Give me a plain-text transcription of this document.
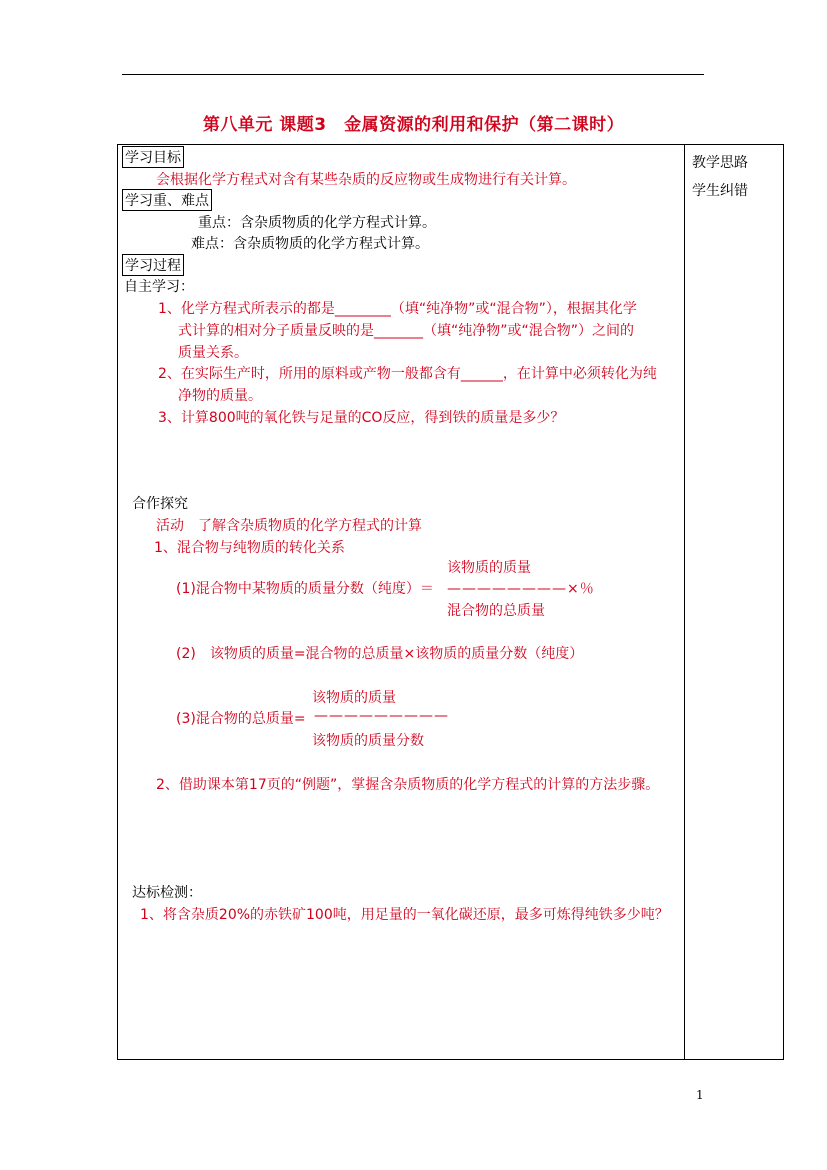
第八单元 课题3　金属资源的利用和保护（第二课时）
教学思路
学生纠错
学习目标
会根据化学方程式对含有某些杂质的反应物或生成物进行有关计算。
学习重、难点
重点：含杂质物质的化学方程式计算。
难点：含杂质物质的化学方程式计算。
学习过程
自主学习：
1、化学方程式所表示的都是________（填“纯净物”或“混合物”），根据其化学
式计算的相对分子质量反映的是_______（填“纯净物”或“混合物”）之间的
质量关系。
2、在实际生产时，所用的原料或产物一般都含有______，在计算中必须转化为纯
净物的质量。
3、计算800吨的氧化铁与足量的CO反应，得到铁的质量是多少？
合作探究
活动　了解含杂质物质的化学方程式的计算
1、混合物与纯物质的转化关系
该物质的质量
(1)混合物中某物质的质量分数（纯度）＝ ————————×％
混合物的总质量
(2)　该物质的质量=混合物的总质量×该物质的质量分数（纯度）
该物质的质量
(3)混合物的总质量= —————————
该物质的质量分数
2、借助课本第17页的“例题”，掌握含杂质物质的化学方程式的计算的方法步骤。
达标检测：
1、将含杂质20%的赤铁矿100吨，用足量的一氧化碳还原，最多可炼得纯铁多少吨？
1
